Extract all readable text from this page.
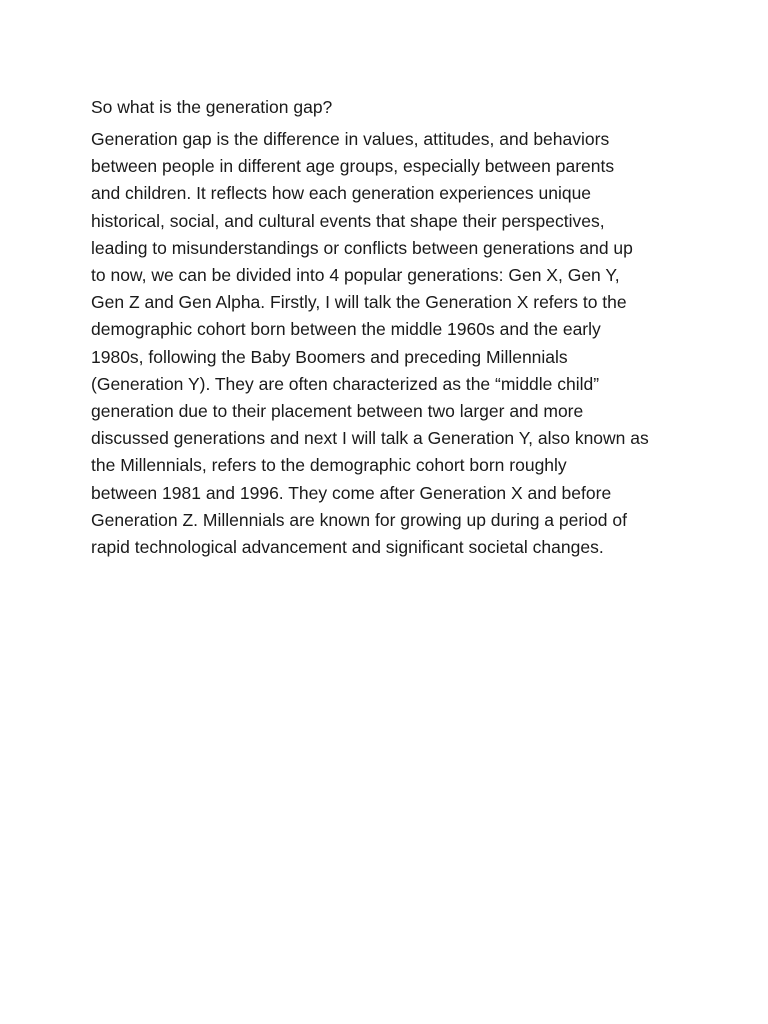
So what is the generation gap?

Generation gap is the difference in values, attitudes, and behaviors
between people in different age groups, especially between parents
and children. It reflects how each generation experiences unique
historical, social, and cultural events that shape their perspectives,
leading to misunderstandings or conflicts between generations and up
to now, we can be divided into 4 popular generations: Gen X, Gen Y,
Gen Z and Gen Alpha. Firstly, I will talk the Generation X refers to the
demographic cohort born between the middle 1960s and the early
1980s, following the Baby Boomers and preceding Millennials
(Generation Y). They are often characterized as the “middle child”
generation due to their placement between two larger and more
discussed generations and next I will talk a Generation Y, also known as
the Millennials, refers to the demographic cohort born roughly
between 1981 and 1996. They come after Generation X and before
Generation Z. Millennials are known for growing up during a period of
rapid technological advancement and significant societal changes.
